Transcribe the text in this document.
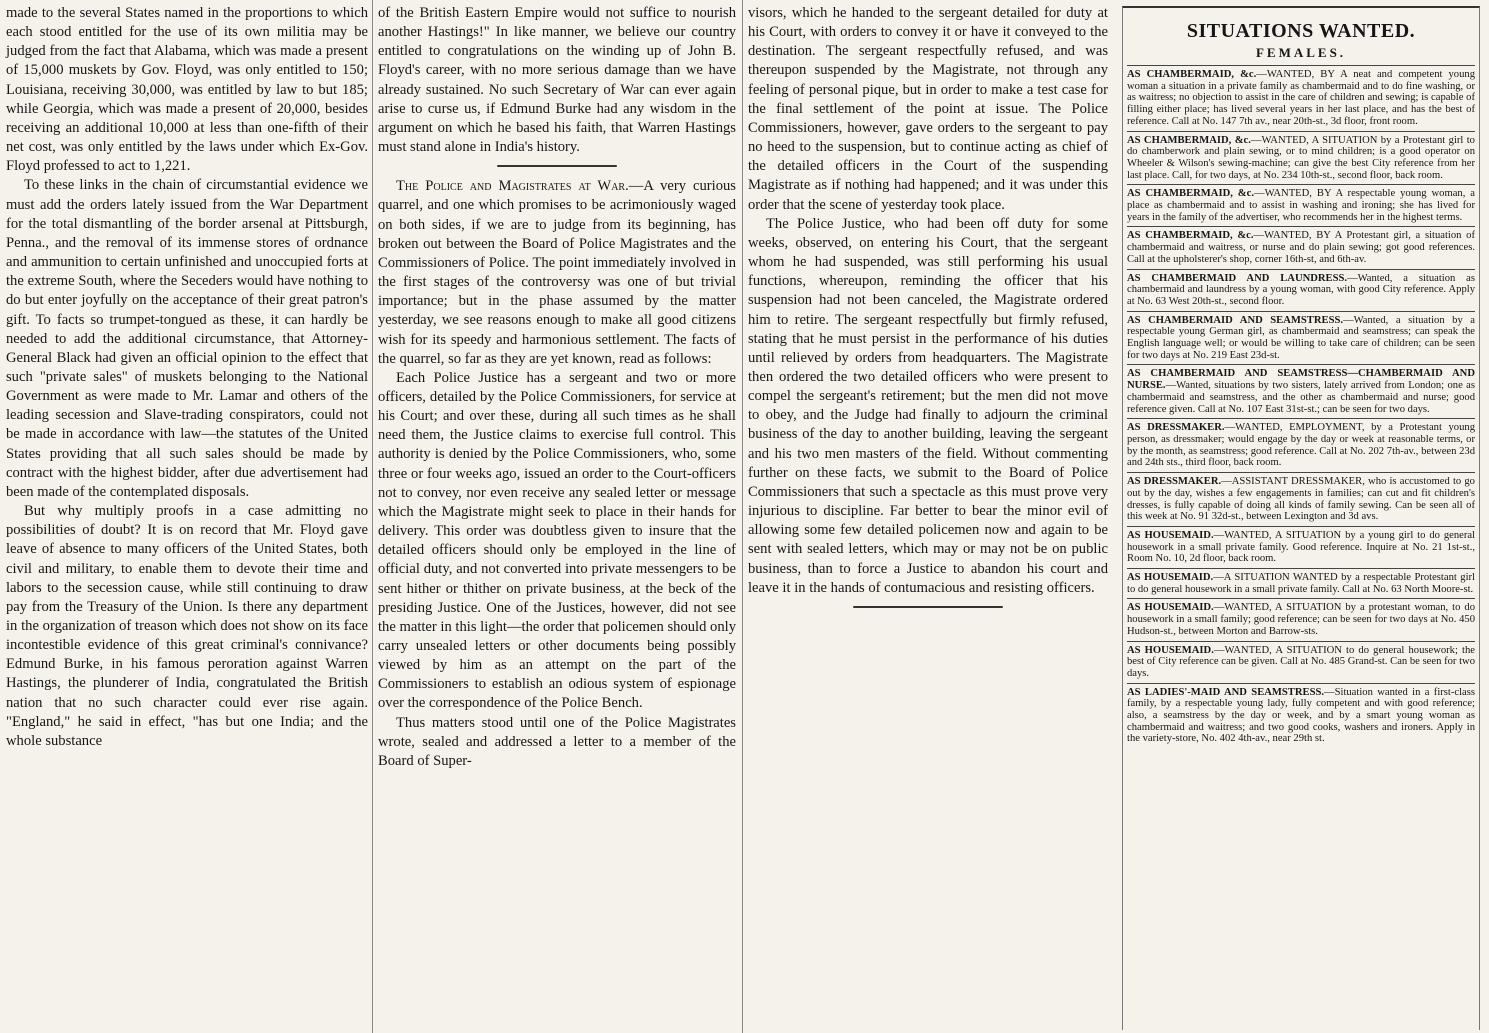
made to the several States named in the proportions to which each stood entitled for the use of its own militia may be judged from the fact that Alabama, which was made a present of 15,000 muskets by Gov. Floyd, was only entitled to 150; Louisiana, receiving 30,000, was entitled by law to but 185; while Georgia, which was made a present of 20,000, besides receiving an additional 10,000 at less than one-fifth of their net cost, was only entitled by the laws under which Ex-Gov. Floyd professed to act to 1,221.

To these links in the chain of circumstantial evidence we must add the orders lately issued from the War Department for the total dismantling of the border arsenal at Pittsburgh, Penna., and the removal of its immense stores of ordnance and ammunition to certain unfinished and unoccupied forts at the extreme South, where the Seceders would have nothing to do but enter joyfully on the acceptance of their great patron's gift. To facts so trumpet-tongued as these, it can hardly be needed to add the additional circumstance, that Attorney-General Black had given an official opinion to the effect that such "private sales" of muskets belonging to the National Government as were made to Mr. Lamar and others of the leading secession and Slave-trading conspirators, could not be made in accordance with law—the statutes of the United States providing that all such sales should be made by contract with the highest bidder, after due advertisement had been made of the contemplated disposals.

But why multiply proofs in a case admitting no possibilities of doubt? It is on record that Mr. Floyd gave leave of absence to many officers of the United States, both civil and military, to enable them to devote their time and labors to the secession cause, while still continuing to draw pay from the Treasury of the Union. Is there any department in the organization of treason which does not show on its face incontestible evidence of this great criminal's connivance? Edmund Burke, in his famous peroration against Warren Hastings, the plunderer of India, congratulated the British nation that no such character could ever rise again. "England," he said in effect, "has but one India; and the whole substance

of the British Eastern Empire would not suffice to nourish another Hastings!" In like manner, we believe our country entitled to congratulations on the winding up of John B. Floyd's career, with no more serious damage than we have already sustained. No such Secretary of War can ever again arise to curse us, if Edmund Burke had any wisdom in the argument on which he based his faith, that Warren Hastings must stand alone in India's history.

The Police and Magistrates at War.—A very curious quarrel, and one which promises to be acrimoniously waged on both sides, if we are to judge from its beginning, has broken out between the Board of Police Magistrates and the Commissioners of Police. The point immediately involved in the first stages of the controversy was one of but trivial importance; but in the phase assumed by the matter yesterday, we see reasons enough to make all good citizens wish for its speedy and harmonious settlement. The facts of the quarrel, so far as they are yet known, read as follows:

Each Police Justice has a sergeant and two or more officers, detailed by the Police Commissioners, for service at his Court; and over these, during all such times as he shall need them, the Justice claims to exercise full control. This authority is denied by the Police Commissioners, who, some three or four weeks ago, issued an order to the Court-officers not to convey, nor even receive any sealed letter or message which the Magistrate might seek to place in their hands for delivery. This order was doubtless given to insure that the detailed officers should only be employed in the line of official duty, and not converted into private messengers to be sent hither or thither on private business, at the beck of the presiding Justice. One of the Justices, however, did not see the matter in this light—the order that policemen should only carry unsealed letters or other documents being possibly viewed by him as an attempt on the part of the Commissioners to establish an odious system of espionage over the correspondence of the Police Bench.

Thus matters stood until one of the Police Magistrates wrote, sealed and addressed a letter to a member of the Board of Super-

visors, which he handed to the sergeant detailed for duty at his Court, with orders to convey it or have it conveyed to the destination. The sergeant respectfully refused, and was thereupon suspended by the Magistrate, not through any feeling of personal pique, but in order to make a test case for the final settlement of the point at issue. The Police Commissioners, however, gave orders to the sergeant to pay no heed to the suspension, but to continue acting as chief of the detailed officers in the Court of the suspending Magistrate as if nothing had happened; and it was under this order that the scene of yesterday took place.

The Police Justice, who had been off duty for some weeks, observed, on entering his Court, that the sergeant whom he had suspended, was still performing his usual functions, whereupon, reminding the officer that his suspension had not been canceled, the Magistrate ordered him to retire. The sergeant respectfully but firmly refused, stating that he must persist in the performance of his duties until relieved by orders from headquarters. The Magistrate then ordered the two detailed officers who were present to compel the sergeant's retirement; but the men did not move to obey, and the Judge had finally to adjourn the criminal business of the day to another building, leaving the sergeant and his two men masters of the field. Without commenting further on these facts, we submit to the Board of Police Commissioners that such a spectacle as this must prove very injurious to discipline. Far better to bear the minor evil of allowing some few detailed policemen now and again to be sent with sealed letters, which may or may not be on public business, than to force a Justice to abandon his court and leave it in the hands of contumacious and resisting officers.

SITUATIONS WANTED.
FEMALES.
AS CHAMBERMAID, &c.—WANTED, BY A neat and competent young woman a situation in a private family as chambermaid and to do fine washing, or as waitress; no objection to assist in the care of children and sewing; is capable of filling either place; has lived several years in her last place, and has the best of reference. Call at No. 147 7th av., near 20th-st., 3d floor, front room.
AS CHAMBERMAID, &c.—WANTED, A SITUATION by a Protestant girl to do chamberwork and plain sewing, or to mind children; is a good operator on Wheeler & Wilson's sewing-machine; can give the best City reference from her last place. Call, for two days, at No. 234 10th-st., second floor, back room.
AS CHAMBERMAID, &c.—WANTED, BY A respectable young woman, a place as chambermaid and to assist in washing and ironing; she has lived for years in the family of the advertiser, who recommends her in the highest terms.
AS CHAMBERMAID, &c.—WANTED, BY A Protestant girl, a situation of chambermaid and waitress, or nurse and do plain sewing; got good references. Call at the upholsterer's shop, corner 16th-st, and 6th-av.
AS CHAMBERMAID AND LAUNDRESS.—Wanted, a situation as chambermaid and laundress by a young woman, with good City reference. Apply at No. 63 West 20th-st., second floor.
AS CHAMBERMAID AND SEAMSTRESS.—Wanted, a situation by a respectable young German girl, as chambermaid and seamstress; can speak the English language well; or would be willing to take care of children; can be seen for two days at No. 219 East 23d-st.
AS CHAMBERMAID AND SEAMSTRESS—CHAMBERMAID AND NURSE.—Wanted, situations by two sisters, lately arrived from London; one as chambermaid and seamstress, and the other as chambermaid and nurse; good reference given. Call at No. 107 East 31st-st.; can be seen for two days.
AS DRESSMAKER.—WANTED, EMPLOYMENT, by a Protestant young person, as dressmaker; would engage by the day or week at reasonable terms, or by the month, as seamstress; good reference. Call at No. 202 7th-av., between 23d and 24th sts., third floor, back room.
AS DRESSMAKER.—ASSISTANT DRESSMAKER, who is accustomed to go out by the day, wishes a few engagements in families; can cut and fit children's dresses, is fully capable of doing all kinds of family sewing. Can be seen all of this week at No. 91 32d-st., between Lexington and 3d avs.
AS HOUSEMAID.—WANTED, A SITUATION by a young girl to do general housework in a small private family. Good reference. Inquire at No. 21 1st-st., Room No. 10, 2d floor, back room.
AS HOUSEMAID.—A SITUATION WANTED by a respectable Protestant girl to do general housework in a small private family. Call at No. 63 North Moore-st.
AS HOUSEMAID.—WANTED, A SITUATION by a protestant woman, to do housework in a small family; good reference; can be seen for two days at No. 450 Hudson-st., between Morton and Barrow-sts.
AS HOUSEMAID.—WANTED, A SITUATION to do general housework; the best of City reference can be given. Call at No. 485 Grand-st. Can be seen for two days.
AS LADIES'-MAID AND SEAMSTRESS.—Situation wanted in a first-class family, by a respectable young lady, fully competent and with good reference; also, a seamstress by the day or week, and by a smart young woman as chambermaid and waitress; and two good cooks, washers and ironers. Apply in the variety-store, No. 402 4th-av., near 29th st.
